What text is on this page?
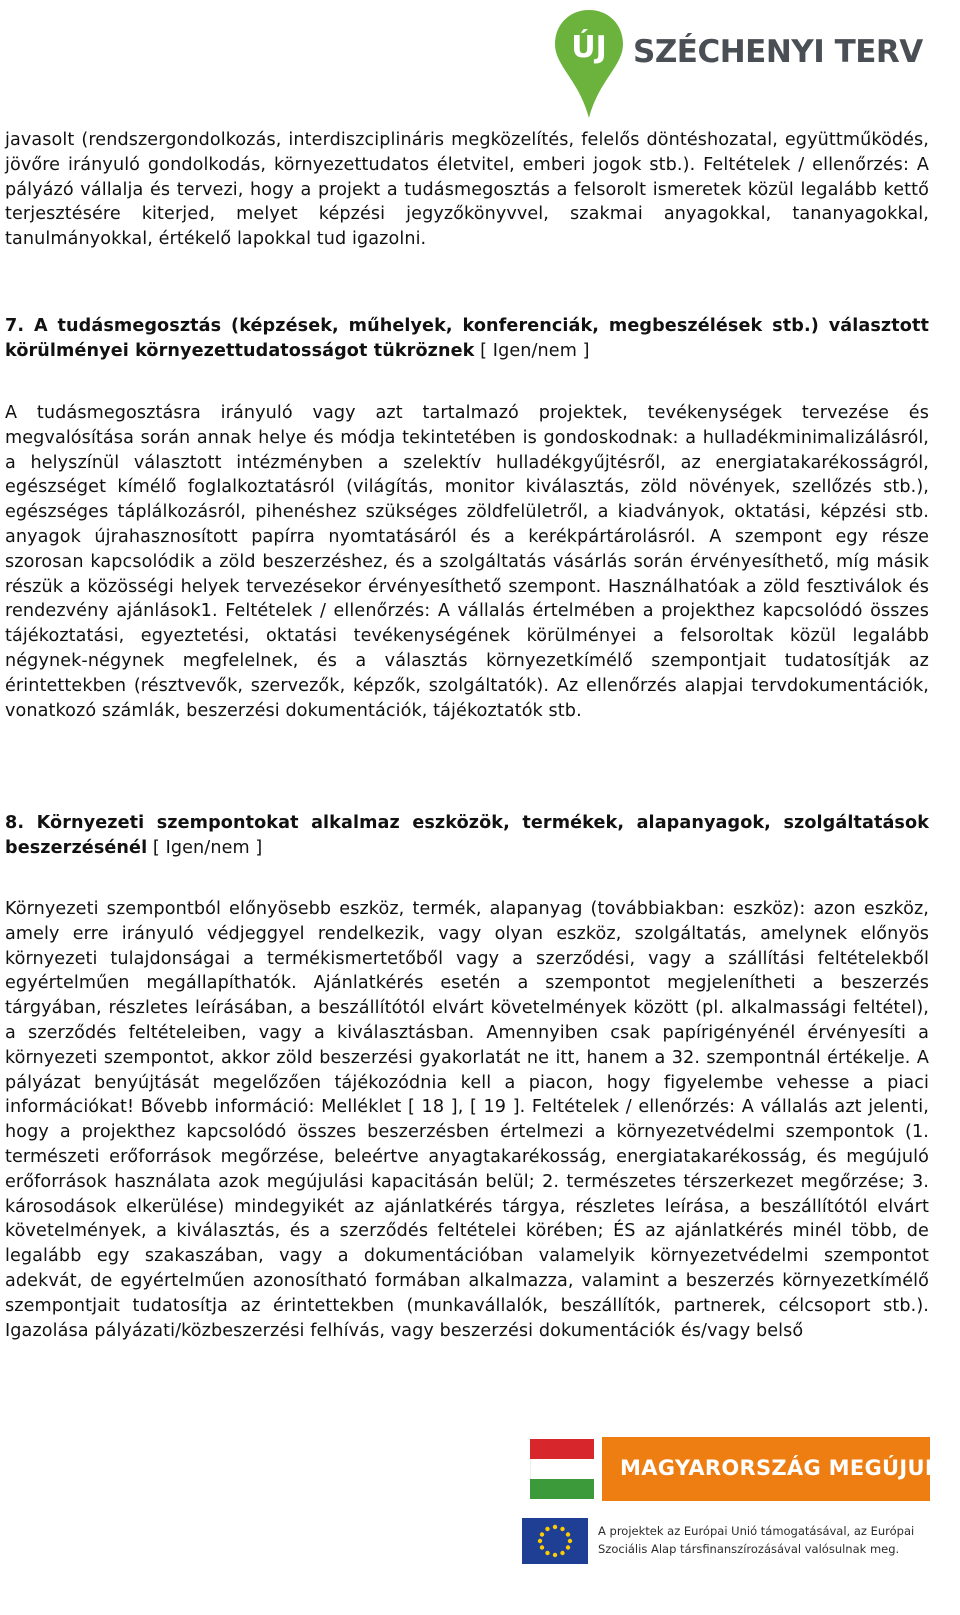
ÚJ SZÉCHENYI TERV
javasolt (rendszergondolkozás, interdiszciplináris megközelítés, felelős döntéshozatal, együttműködés, jövőre irányuló gondolkodás, környezettudatos életvitel, emberi jogok stb.). Feltételek / ellenőrzés: A pályázó vállalja és tervezi, hogy a projekt a tudásmegosztás a felsorolt ismeretek közül legalább kettő terjesztésére kiterjed, melyet képzési jegyzőkönyvvel, szakmai anyagokkal, tananyagokkal, tanulmányokkal, értékelő lapokkal tud igazolni.
7. A tudásmegosztás (képzések, műhelyek, konferenciák, megbeszélések stb.) választott körülményei környezettudatosságot tükröznek [ Igen/nem ]
A tudásmegosztásra irányuló vagy azt tartalmazó projektek, tevékenységek tervezése és megvalósítása során annak helye és módja tekintetében is gondoskodnak: a hulladékminimalizálásról, a helyszínül választott intézményben a szelektív hulladékgyűjtésről, az energiatakarékosságról, egészséget kímélő foglalkoztatásról (világítás, monitor kiválasztás, zöld növények, szellőzés stb.), egészséges táplálkozásról, pihenéshez szükséges zöldfelületről, a kiadványok, oktatási, képzési stb. anyagok újrahasznosított papírra nyomtatásáról és a kerékpártárolásról. A szempont egy része szorosan kapcsolódik a zöld beszerzéshez, és a szolgáltatás vásárlás során érvényesíthető, míg másik részük a közösségi helyek tervezésekor érvényesíthető szempont. Használhatóak a zöld fesztiválok és rendezvény ajánlások1. Feltételek / ellenőrzés: A vállalás értelmében a projekthez kapcsolódó összes tájékoztatási, egyeztetési, oktatási tevékenységének körülményei a felsoroltak közül legalább négynek-négynek megfelelnek, és a választás környezetkímélő szempontjait tudatosítják az érintettekben (résztvevők, szervezők, képzők, szolgáltatók). Az ellenőrzés alapjai tervdokumentációk, vonatkozó számlák, beszerzési dokumentációk, tájékoztatók stb.
8. Környezeti szempontokat alkalmaz eszközök, termékek, alapanyagok, szolgáltatások beszerzésénél [ Igen/nem ]
Környezeti szempontból előnyösebb eszköz, termék, alapanyag (továbbiakban: eszköz): azon eszköz, amely erre irányuló védjeggyel rendelkezik, vagy olyan eszköz, szolgáltatás, amelynek előnyös környezeti tulajdonságai a termékismertetőből vagy a szerződési, vagy a szállítási feltételekből egyértelműen megállapíthatók. Ajánlatkérés esetén a szempontot megjelenítheti a beszerzés tárgyában, részletes leírásában, a beszállítótól elvárt követelmények között (pl. alkalmassági feltétel), a szerződés feltételeiben, vagy a kiválasztásban. Amennyiben csak papírigényénél érvényesíti a környezeti szempontot, akkor zöld beszerzési gyakorlatát ne itt, hanem a 32. szempontnál értékelje. A pályázat benyújtását megelőzően tájékozódnia kell a piacon, hogy figyelembe vehesse a piaci információkat! Bővebb információ: Melléklet [ 18 ], [ 19 ]. Feltételek / ellenőrzés: A vállalás azt jelenti, hogy a projekthez kapcsolódó összes beszerzésben értelmezi a környezetvédelmi szempontok (1. természeti erőforrások megőrzése, beleértve anyagtakarékosság, energiatakarékosság, és megújuló erőforrások használata azok megújulási kapacitásán belül; 2. természetes térszerkezet megőrzése; 3. károsodások elkerülése) mindegyikét az ajánlatkérés tárgya, részletes leírása, a beszállítótól elvárt követelmények, a kiválasztás, és a szerződés feltételei körében; ÉS az ajánlatkérés minél több, de legalább egy szakaszában, vagy a dokumentációban valamelyik környezetvédelmi szempontot adekvát, de egyértelműen azonosítható formában alkalmazza, valamint a beszerzés környezetkímélő szempontjait tudatosítja az érintettekben (munkavállalók, beszállítók, partnerek, célcsoport stb.). Igazolása pályázati/közbeszerzési felhívás, vagy beszerzési dokumentációk és/vagy belső
MAGYARORSZÁG MEGÚJUL
A projektek az Európai Unió támogatásával, az Európai
Szociális Alap társfinanszírozásával valósulnak meg.
